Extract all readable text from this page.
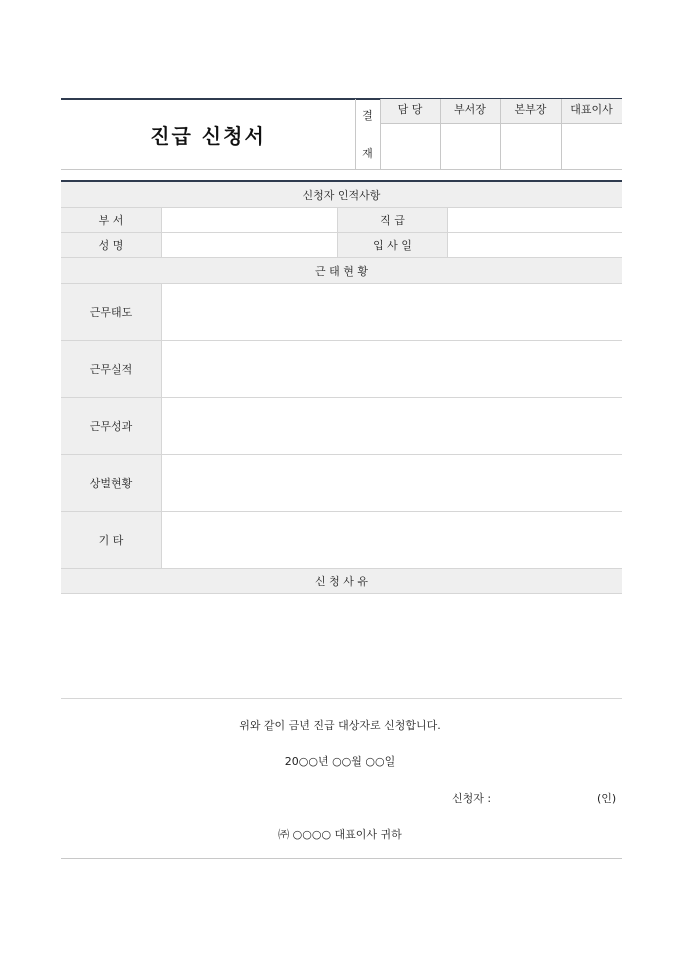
진급 신청서
결
재
담 당	부서장	본부장	대표이사
신청자 인적사항
부 서	직 급
성 명	입 사 일
근 태 현 황
근무태도
근무실적
근무성과
상벌현황
기 타
신 청 사 유
위와 같이 금년 진급 대상자로 신청합니다.
20○○년 ○○월 ○○일
신청자 :	(인)
㈜ ○○○○ 대표이사 귀하
